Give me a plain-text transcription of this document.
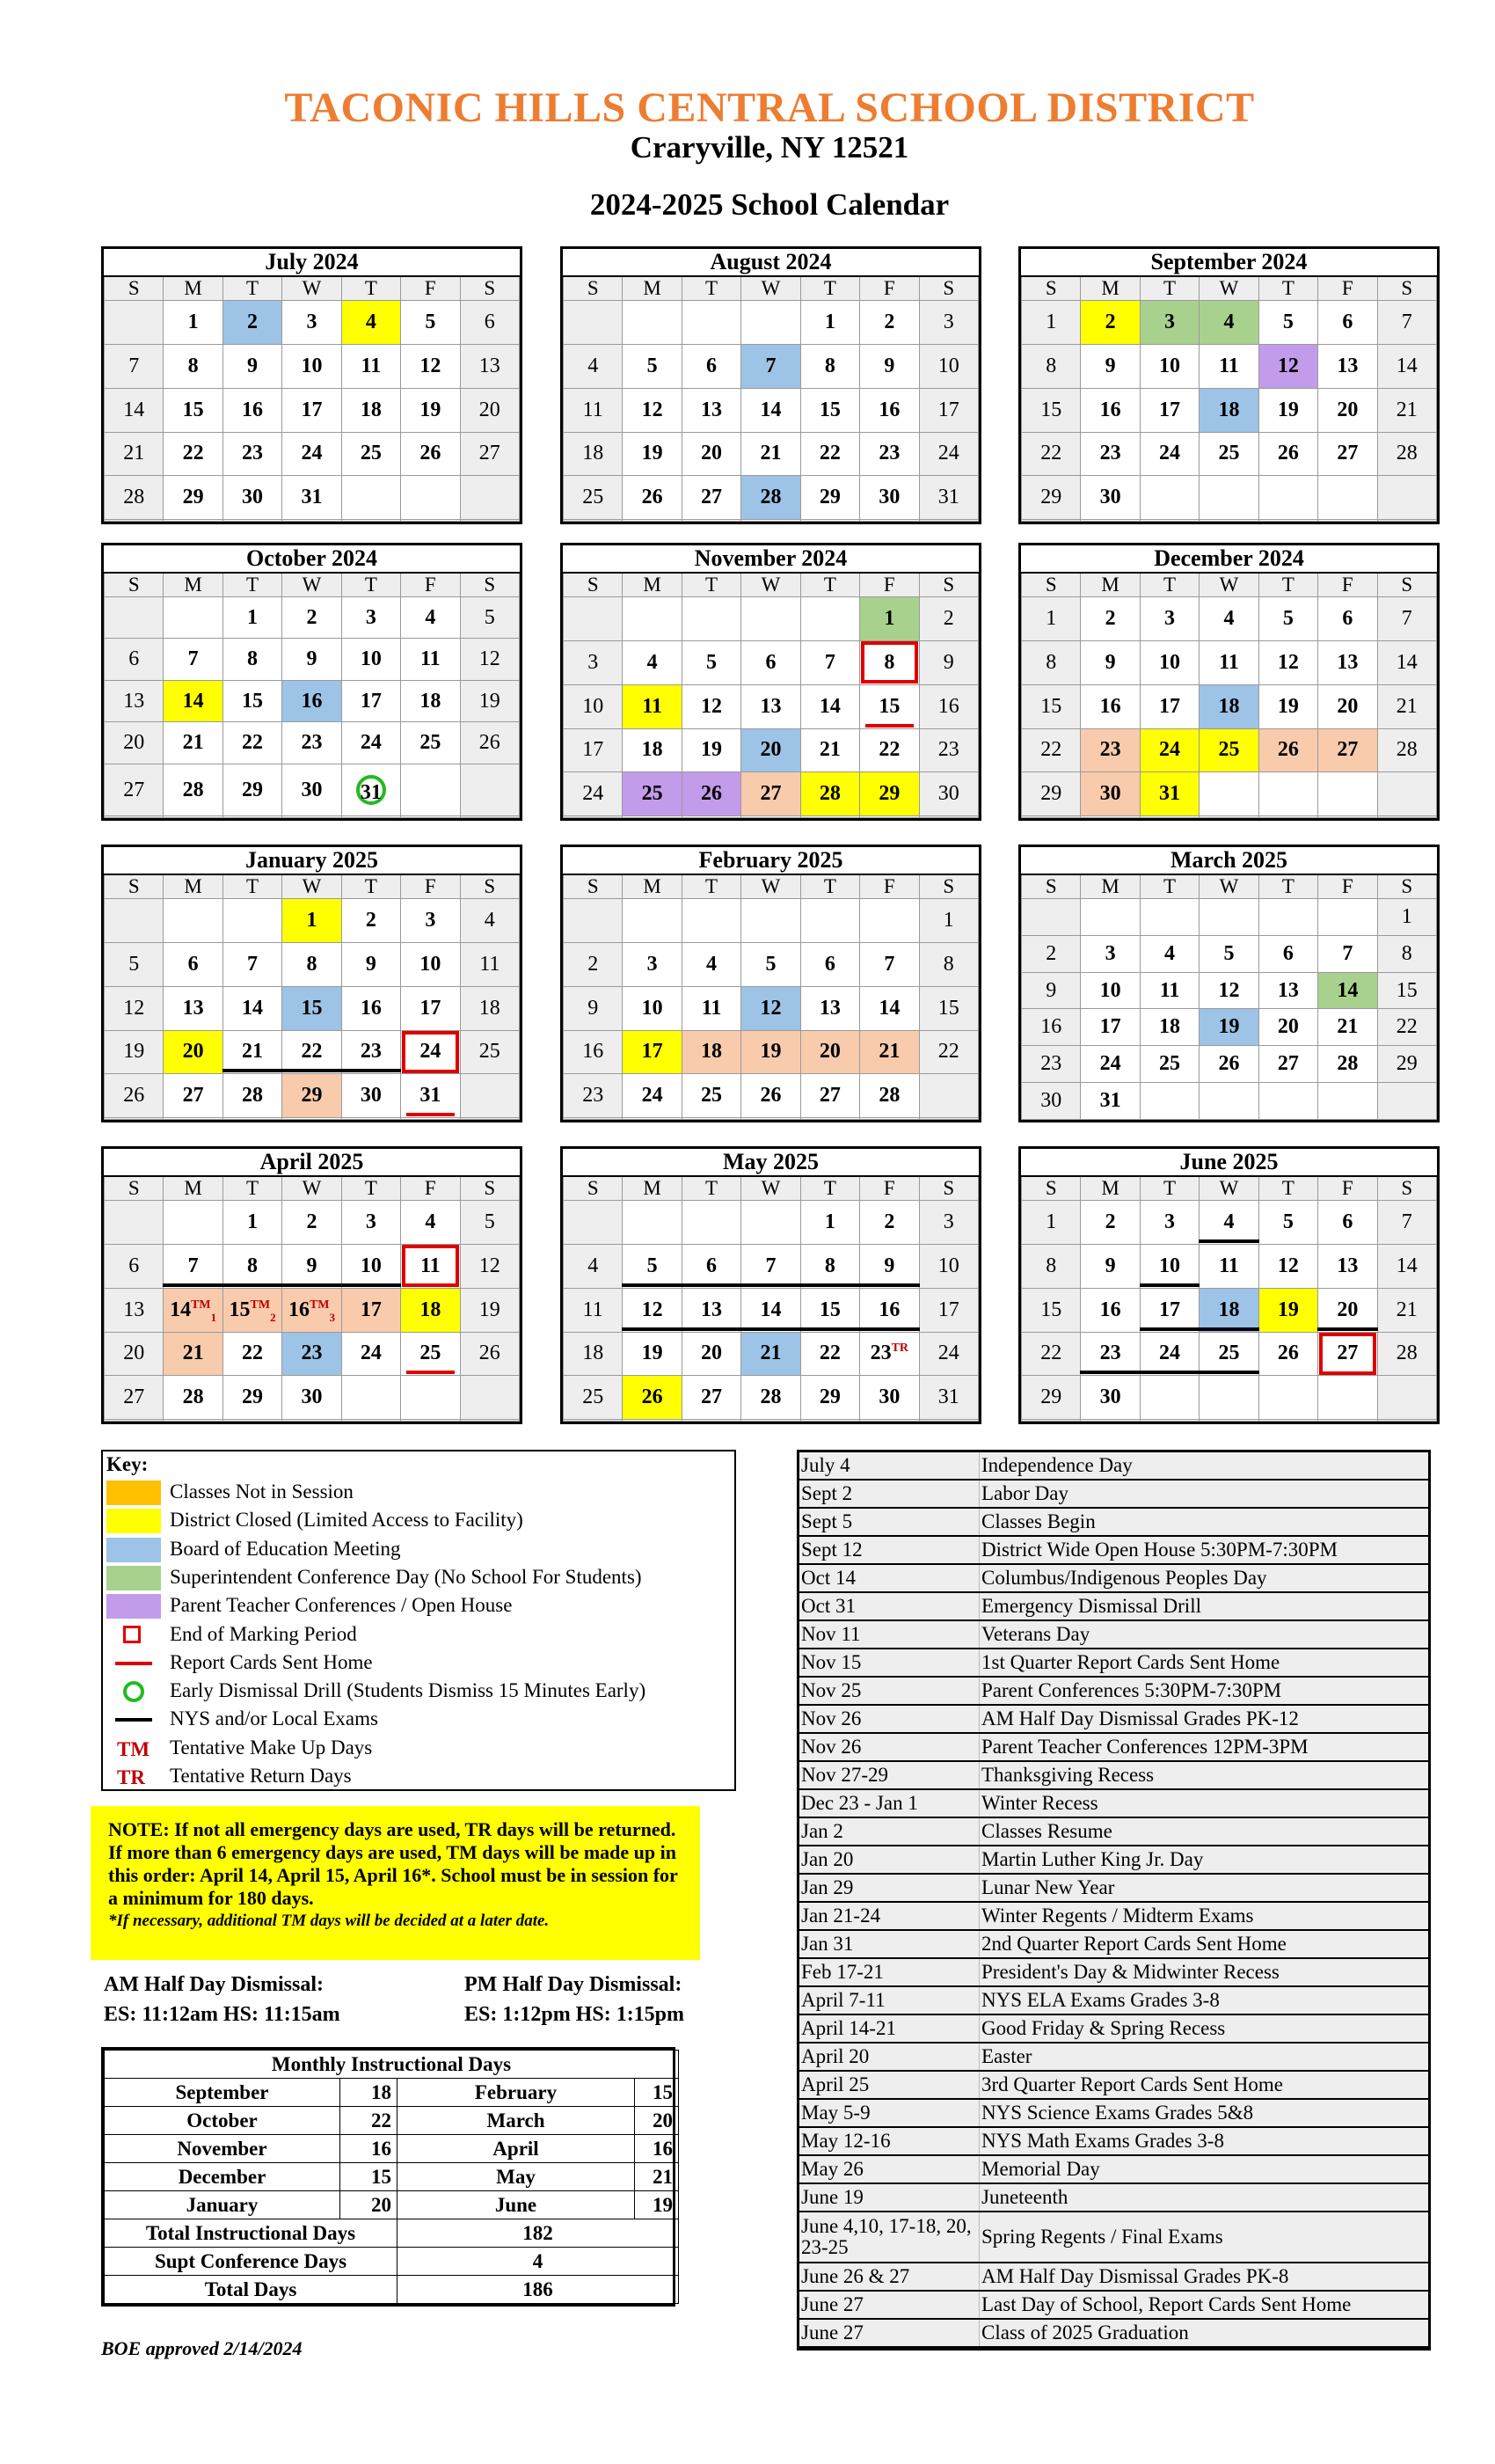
TACONIC HILLS CENTRAL SCHOOL DISTRICT
Craryville, NY 12521
2024-2025 School Calendar
July 2024						
S	M	T	W	T	F	S
	1	2	3	4	5	6
7	8	9	10	11	12	13
14	15	16	17	18	19	20
21	22	23	24	25	26	27
28	29	30	31			

August 2024						
S	M	T	W	T	F	S
				1	2	3
4	5	6	7	8	9	10
11	12	13	14	15	16	17
18	19	20	21	22	23	24
25	26	27	28	29	30	31

September 2024						
S	M	T	W	T	F	S
1	2	3	4	5	6	7
8	9	10	11	12	13	14
15	16	17	18	19	20	21
22	23	24	25	26	27	28
29	30					

October 2024						
S	M	T	W	T	F	S
		1	2	3	4	5
6	7	8	9	10	11	12
13	14	15	16	17	18	19
20	21	22	23	24	25	26
27	28	29	30	31		

November 2024						
S	M	T	W	T	F	S
					1	2
3	4	5	6	7	8	9
10	11	12	13	14	15	16
17	18	19	20	21	22	23
24	25	26	27	28	29	30

December 2024						
S	M	T	W	T	F	S
1	2	3	4	5	6	7
8	9	10	11	12	13	14
15	16	17	18	19	20	21
22	23	24	25	26	27	28
29	30	31				

January 2025						
S	M	T	W	T	F	S
			1	2	3	4
5	6	7	8	9	10	11
12	13	14	15	16	17	18
19	20	21	22	23	24	25
26	27	28	29	30	31	

February 2025						
S	M	T	W	T	F	S
						1
2	3	4	5	6	7	8
9	10	11	12	13	14	15
16	17	18	19	20	21	22
23	24	25	26	27	28	

March 2025						
S	M	T	W	T	F	S
						1
2	3	4	5	6	7	8
9	10	11	12	13	14	15
16	17	18	19	20	21	22
23	24	25	26	27	28	29
30	31					
April 2025						
S	M	T	W	T	F	S
		1	2	3	4	5
6	7	8	9	10	11	12
13	$14™_1$	$15™_2$	$16™_3$	17	18	19
20	21	22	23	24	25	26
27	28	29	30			

May 2025						
S	M	T	W	T	F	S
				1	2	3
4	5	6	7	8	9	10
11	12	13	14	15	16	17
18	19	20	21	22	$23^{TR}$	24
25	26	27	28	29	30	31

June 2025						
S	M	T	W	T	F	S
1	2	3	4	5	6	7
8	9	10	11	12	13	14
15	16	17	18	19	20	21
22	23	24	25	26	27	28
29	30					

Key:
Classes Not in Session
District Closed (Limited Access to Facility)
Board of Education Meeting
Superintendent Conference Day (No School For Students)
Parent Teacher Conferences / Open House
End of Marking Period
Report Cards Sent Home
Early Dismissal Drill (Students Dismiss 15 Minutes Early)
NYS and/or Local Exams
TM Tentative Make Up Days
TR Tentative Return Days
NOTE: If not all emergency days are used, TR days will be returned. If more than 6 emergency days are used, TM days will be made up in this order: April 14, April 15, April 16*. School must be in session for a minimum for 180 days.
*If necessary, additional TM days will be decided at a later date.
AM Half Day Dismissal:
ES: 11:12am HS: 11:15am
PM Half Day Dismissal:
ES: 1:12pm HS: 1:15pm
Monthly Instructional Days			
September	18	February	15
October	22	March	20
November	16	April	16
December	15	May	21
January	20	June	19
Total Instructional Days		182	
Supt Conference Days		4	
Total Days		186	
BOE approved 2/14/2024
July 4	Independence Day
Sept 2	Labor Day
Sept 5	Classes Begin
Sept 12	District Wide Open House 5:30PM-7:30PM
Oct 14	Columbus/Indigenous Peoples Day
Oct 31	Emergency Dismissal Drill
Nov 11	Veterans Day
Nov 15	1st Quarter Report Cards Sent Home
Nov 25	Parent Conferences 5:30PM-7:30PM
Nov 26	AM Half Day Dismissal Grades PK-12
Nov 26	Parent Teacher Conferences 12PM-3PM
Nov 27-29	Thanksgiving Recess
Dec 23 - Jan 1	Winter Recess
Jan 2	Classes Resume
Jan 20	Martin Luther King Jr. Day
Jan 29	Lunar New Year
Jan 21-24	Winter Regents / Midterm Exams
Jan 31	2nd Quarter Report Cards Sent Home
Feb 17-21	President's Day & Midwinter Recess
April 7-11	NYS ELA Exams Grades 3-8
April 14-21	Good Friday & Spring Recess
April 20	Easter
April 25	3rd Quarter Report Cards Sent Home
May 5-9	NYS Science Exams Grades 5&8
May 12-16	NYS Math Exams Grades 3-8
May 26	Memorial Day
June 19	Juneteenth
June 4,10, 17-18, 20, 23-25	Spring Regents / Final Exams
June 26 & 27	AM Half Day Dismissal Grades PK-8
June 27	Last Day of School, Report Cards Sent Home
June 27	Class of 2025 Graduation
